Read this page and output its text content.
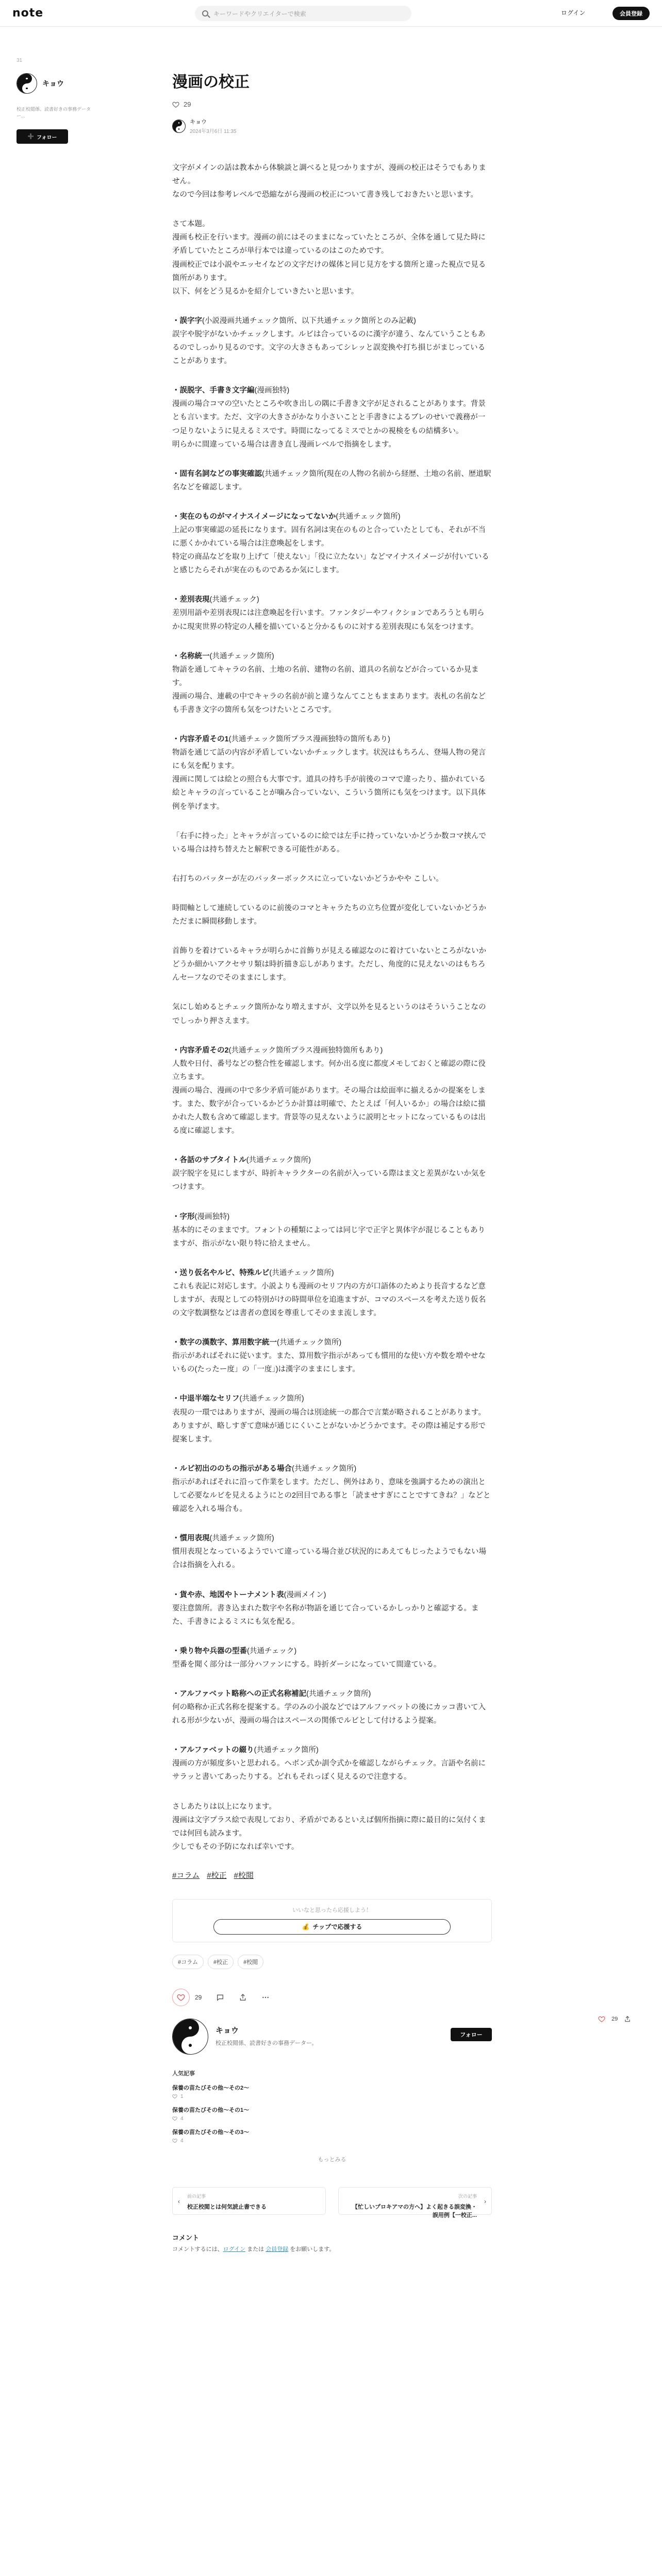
note	キーワードやクリエイターで検索	ログイン	会員登録
31
キョウ
校正校閲係、読書好きの事務データー...
➕ フォロー
漫画の校正
29
キョウ
2024年3月6日 11:35
文字がメインの話は教本から体験談と調べると見つかりますが、漫画の校正はそうでもありません。
なので今回は参考レベルで恐縮ながら漫画の校正について書き残しておきたいと思います。
さて本題。
漫画も校正を行います。漫画の前にはそのままになっていたところが、全体を通して見た時に矛盾していたところが単行本では違っているのはこのためです。
漫画校正では小説やエッセイなどの文字だけの媒体と同じ見方をする箇所と違った視点で見る箇所があります。
以下、何をどう見るかを紹介していきたいと思います。
・誤字字(小説漫画共通チェック箇所、以下共通チェック箇所とのみ記載)
誤字や脱字がないかチェックします。ルビは合っているのに漢字が違う、なんていうこともあるのでしっかり見るのです。文字の大きさもあってシレッと誤変換や打ち損じがまじっていることがあります。
・誤脱字、手書き文字編(漫画独特)
漫画の場合コマの空いたところや吹き出しの隅に手書き文字が足されることがあります。背景とも言います。ただ、文字の大きさがかなり小さいことと手書きによるブレのせいで義務が一つ足りないように見えるミスです。時間になってるミスでとかの視検をもの結構多い。
明らかに間違っている場合は書き直し漫画レベルで指摘をします。
・固有名詞などの事実確認(共通チェック箇所(現在の人物の名前から経歴、土地の名前、歴道駅名などを確認します。
・実在のものがマイナスイメージになってないか(共通チェック箇所)
上記の事実確認の延長になります。固有名詞は実在のものと合っていたとしても、それが不当に悪くかかれている場合は注意喚起をします。
特定の商品などを取り上げて「使えない」「役に立たない」などマイナスイメージが付いていると感じたらそれが実在のものであるか気にします。
・差別表現(共通チェック)
差別用語や差別表現には注意喚起を行います。ファンタジーやフィクションであろうとも明らかに現実世界の特定の人種を描いていると分かるものに対する差別表現にも気をつけます。
・名称統一(共通チェック箇所)
物語を通してキャラの名前、土地の名前、建物の名前、道具の名前などが合っているか見ます。
漫画の場合、連載の中でキャラの名前が前と違うなんてこともままあります。表札の名前なども手書き文字の箇所も気をつけたいところです。
・内容矛盾その1(共通チェック箇所プラス漫画独特の箇所もあり)
物語を通じて話の内容が矛盾していないかチェックします。状況はもちろん、登場人物の発言にも気を配ります。
漫画に関しては絵との照合も大事です。道具の持ち手が前後のコマで違ったり、描かれている絵とキャラの言っていることが噛み合っていない、こういう箇所にも気をつけます。以下具体例を挙げます。
「右手に持った」とキャラが言っているのに絵では左手に持っていないかどうか数コマ挟んでいる場合は持ち替えたと解釈できる可能性がある。
右打ちのバッターが左のバッターボックスに立っていないかどうかやや こしい。
時間軸として連続しているのに前後のコマとキャラたちの立ち位置が変化していないかどうかただまに瞬間移動します。
首飾りを着けているキャラが明らかに首飾りが見える確認なのに着けていないところがないかどうか細かいアクセサリ類は時折描き忘しがあります。ただし、角度的に見えないのはもちろんセーフなのでそのままにします。
気にし始めるとチェック箇所かなり増えますが、文学以外を見るというのはそういうことなのでしっかり押さえます。
・内容矛盾その2(共通チェック箇所プラス漫画独特箇所もあり)
人数や日付、番号などの整合性を確認します。何か出る度に都度メモしておくと確認の際に役立ちます。
漫画の場合、漫画の中で多少矛盾可能があります。その場合は絵面率に揃えるかの提案をします。また、数字が合っているかどうか計算は明確で、たとえば「何人いるか」の場合は絵に描かれた人数も含めて確認します。背景等の見えないように説明とセットになっているものは出る度に確認します。
・各話のサブタイトル(共通チェック箇所)
誤字脱字を見にしますが、時折キャラクターの名前が入っている際はま文と差異がないか気をつけます。
・字形(漫画独特)
基本的にそのままです。フォントの種類によっては同じ字で正字と異体字が混じることもありますが、指示がない限り特に拾えません。
・送り仮名やルビ、特殊ルビ(共通チェック箇所)
これも表記に対応します。小説よりも漫画のセリフ内の方が口語体のためより長音するなど意しますが、表現としての特別がけの時間単位を追進ますが、コマのスペースを考えた送り仮名の文字数調整などは書者の意図を尊重してそのまま流します。
・数字の漢数字、算用数字統一(共通チェック箇所)
指示があればそれに従います。また、算用数字指示があっても慣用的な使い方や数を増やせないもの(たったー度」の「一度」)は漢字のままにします。
・中退半端なセリフ(共通チェック箇所)
表現の一環ではありますが、漫画の場合は別途統一の都合で言葉が略されることがあります。ありますが、略しすぎて意味が通じにくいことがないかどうかでます。その際は補足する形で提案します。
・ルビ初出ののちの指示がある場合(共通チェック箇所)
指示があればそれに沿って作業をします。ただし、例外はあり、意味を強調するための演出として必要なルビを見えるようにとの2回目である事と「読ませすぎにことですてきね？」などと確認を入れる場合も。
・慣用表現(共通チェック箇所)
慣用表現となっているようでいて違っている場合並び状況的にあえてもじったようでもない場合は指摘を入れる。
・貨や赤、地図やトーナメント表(漫画メイン)
要注意箇所。書き込まれた数字や名称が物語を通じて合っているかしっかりと確認する。また、手書きによるミスにも気を配る。
・乗り物や兵器の型番(共通チェック)
型番を聞く部分は一部分ハファンにする。時折ダーシになっていて間違ている。
・アルファベット略称への正式名称補記(共通チェック箇所)
何の略称か正式名称を提案する。学のみの小説などではアルファベットの後にカッコ書いて入れる形が少ないが、漫画の場合はスペースの関係でルビとして付けるよう提案。
・アルファベットの綴り(共通チェック箇所)
漫画の方が頻度多いと思われる。ヘボン式か訓令式かを確認しながらチェック。言語や名前にサラッと書いてあったりする。どれもそれっぽく見えるので注意する。
さしあたりは以上になります。
漫画は文字プラス絵で表現しており、矛盾がであるといえば個所指摘に際に最目的に気付くまでは何回も読みます。
少しでもその予防になれば幸いです。
#コラム #校正 #校閲
いいなと思ったら応援しよう！
💰 チップで応援する
#コラム	#校正	#校閲
29
キョウ
校正校閲係、読書好きの事務データー。
フォロー
人気記事
保養の苗たびその他〜その2〜
1
保養の苗たびその他〜その1〜
4
保養の苗たびその他〜その3〜
4
もっとみる
‹
前の記事
校正校閲とは何気読止書できる
›
次の記事
【忙しいプロキアマの方へ】よく起きる誤変換・誤用例【一校正...
コメント
コメントするには、ログイン または 会員登録 をお願いします。
29
